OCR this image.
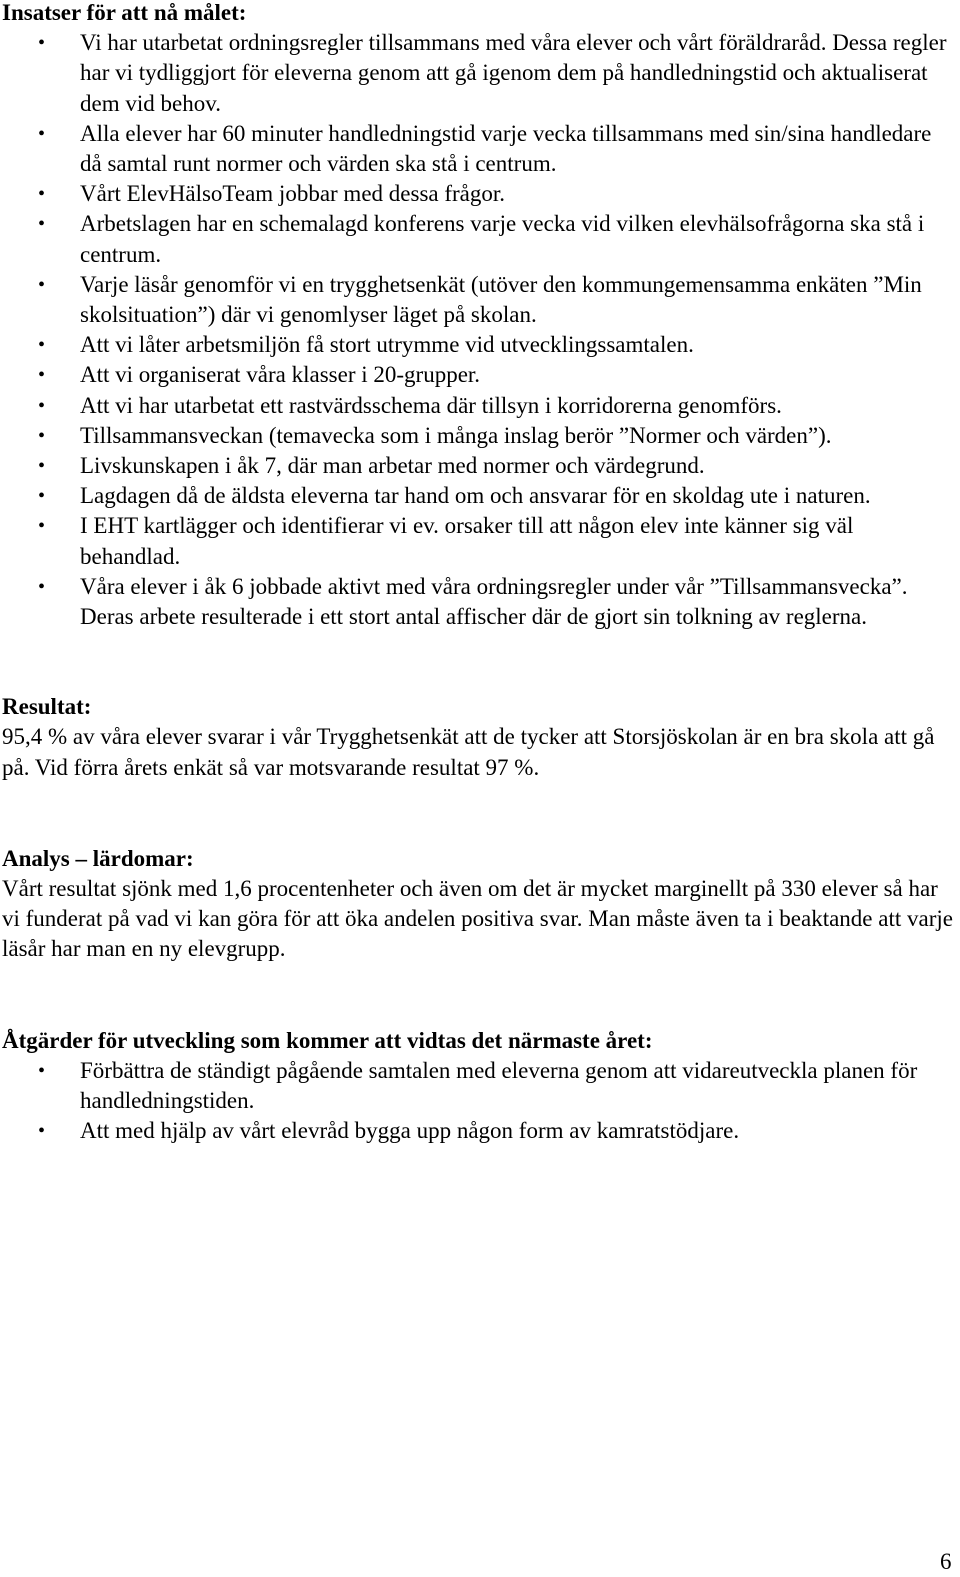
Insatser för att nå målet:

• Vi har utarbetat ordningsregler tillsammans med våra elever och vårt föräldraråd. Dessa regler har vi tydliggjort för eleverna genom att gå igenom dem på handledningstid och aktualiserat dem vid behov.
• Alla elever har 60 minuter handledningstid varje vecka tillsammans med sin/sina handledare då samtal runt normer och värden ska stå i centrum.
• Vårt ElevHälsoTeam jobbar med dessa frågor.
• Arbetslagen har en schemalagd konferens varje vecka vid vilken elevhälsofrågorna ska stå i centrum.
• Varje läsår genomför vi en trygghetsenkät (utöver den kommungemensamma enkäten ”Min skolsituation”) där vi genomlyser läget på skolan.
• Att vi låter arbetsmiljön få stort utrymme vid utvecklingssamtalen.
• Att vi organiserat våra klasser i 20-grupper.
• Att vi har utarbetat ett rastvärdsschema där tillsyn i korridorerna genomförs.
• Tillsammansveckan (temavecka som i många inslag berör ”Normer och värden”).
• Livskunskapen i åk 7, där man arbetar med normer och värdegrund.
• Lagdagen då de äldsta eleverna tar hand om och ansvarar för en skoldag ute i naturen.
• I EHT kartlägger och identifierar vi ev. orsaker till att någon elev inte känner sig väl behandlad.
• Våra elever i åk 6 jobbade aktivt med våra ordningsregler under vår ”Tillsammansvecka”. Deras arbete resulterade i ett stort antal affischer där de gjort sin tolkning av reglerna.

Resultat:

95,4 % av våra elever svarar i vår Trygghetsenkät att de tycker att Storsjöskolan är en bra skola att gå på. Vid förra årets enkät så var motsvarande resultat 97 %.

Analys – lärdomar:

Vårt resultat sjönk med 1,6 procentenheter och även om det är mycket marginellt på 330 elever så har vi funderat på vad vi kan göra för att öka andelen positiva svar. Man måste även ta i beaktande att varje läsår har man en ny elevgrupp.

Åtgärder för utveckling som kommer att vidtas det närmaste året:

• Förbättra de ständigt pågående samtalen med eleverna genom att vidareutveckla planen för handledningstiden.
• Att med hjälp av vårt elevråd bygga upp någon form av kamratstödjare.
6
